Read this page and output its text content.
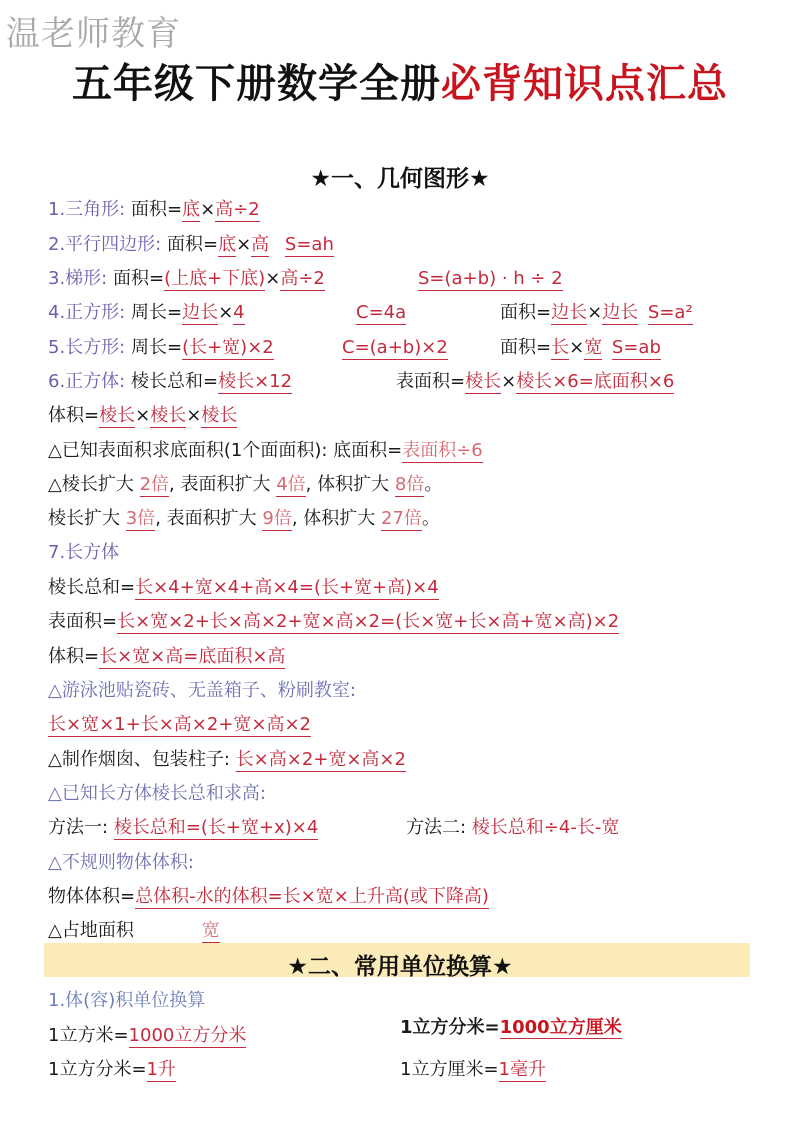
温老师教育
五年级下册数学全册必背知识点汇总
★一、几何图形★
1.三角形: 面积=底×高÷2
2.平行四边形: 面积=底×高 S=ah
3.梯形: 面积=(上底+下底)×高÷2	S=(a+b) · h ÷ 2
4.正方形: 周长=边长×4	C=4a	面积=边长×边长 S=a²
5.长方形: 周长=(长+宽)×2	C=(a+b)×2	面积=长×宽 S=ab
6.正方体: 棱长总和=棱长×12	表面积=棱长×棱长×6=底面积×6
体积=棱长×棱长×棱长
△已知表面积求底面积(1个面面积): 底面积=表面积÷6
△棱长扩大 2倍, 表面积扩大 4倍, 体积扩大 8倍。
棱长扩大 3倍, 表面积扩大 9倍, 体积扩大 27倍。
7.长方体
棱长总和=长×4+宽×4+高×4=(长+宽+高)×4
表面积=长×宽×2+长×高×2+宽×高×2=(长×宽+长×高+宽×高)×2
体积=长×宽×高=底面积×高
△游泳池贴瓷砖、无盖箱子、粉刷教室:
长×宽×1+长×高×2+宽×高×2
△制作烟囱、包装柱子: 长×高×2+宽×高×2
△已知长方体棱长总和求高:
方法一: 棱长总和=(长+宽+x)×4	方法二: 棱长总和÷4-长-宽
△不规则物体体积:
物体体积=总体积-水的体积=长×宽×上升高(或下降高)
△占地面积	宽
★二、常用单位换算★
1.体(容)积单位换算
1立方米=1000立方分米	1立方分米=1000立方厘米
1立方分米=1升	1立方厘米=1毫升
